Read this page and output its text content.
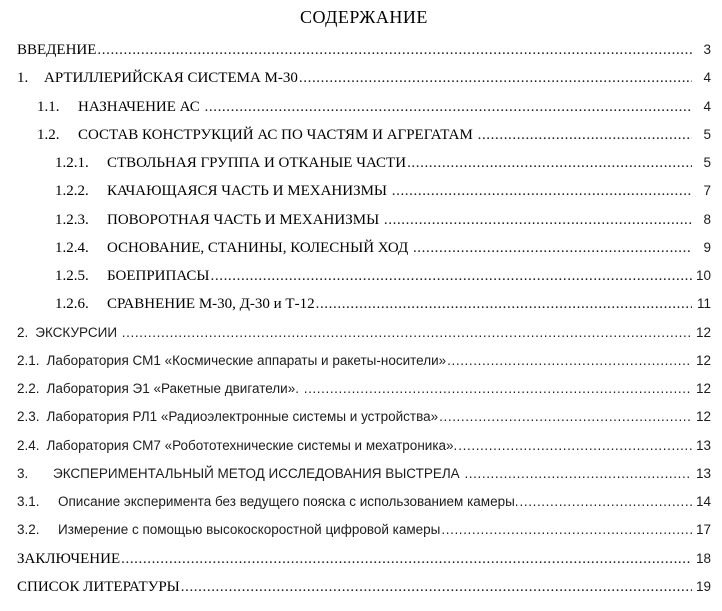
СОДЕРЖАНИЕ
ВВЕДЕНИЕ .....	3
1.	АРТИЛЛЕРИЙСКАЯ СИСТЕМА М-30 .....	4
1.1.	НАЗНАЧЕНИЕ АС .....	4
1.2.	СОСТАВ КОНСТРУКЦИЙ АС ПО ЧАСТЯМ И АГРЕГАТАМ .....	5
1.2.1.	СТВОЛЬНАЯ ГРУППА И ОТКАНЫЕ ЧАСТИ .....	5
1.2.2.	КАЧАЮЩАЯСЯ ЧАСТЬ И МЕХАНИЗМЫ .....	7
1.2.3.	ПОВОРОТНАЯ ЧАСТЬ И МЕХАНИЗМЫ .....	8
1.2.4.	ОСНОВАНИЕ, СТАНИНЫ, КОЛЕСНЫЙ ХОД .....	9
1.2.5.	БОЕПРИПАСЫ .....	10
1.2.6.	СРАВНЕНИЕ М-30, Д-30 и Т-12 .....	11
2. ЭКСКУРСИИ .....	12
2.1. Лаборатория СМ1 «Космические аппараты и ракеты-носители» .....	12
2.2. Лаборатория Э1 «Ракетные двигатели». .....	12
2.3. Лаборатория РЛ1 «Радиоэлектронные системы и устройства» .....	12
2.4. Лаборатория СМ7 «Робототехнические системы и мехатроника». .....	13
3.	ЭКСПЕРИМЕНТАЛЬНЫЙ МЕТОД ИССЛЕДОВАНИЯ ВЫСТРЕЛА .....	13
3.1.	Описание эксперимента без ведущего пояска с использованием камеры. .....	14
3.2.	Измерение с помощью высокоскоростной цифровой камеры .....	17
ЗАКЛЮЧЕНИЕ .....	18
СПИСОК ЛИТЕРАТУРЫ .....	19
